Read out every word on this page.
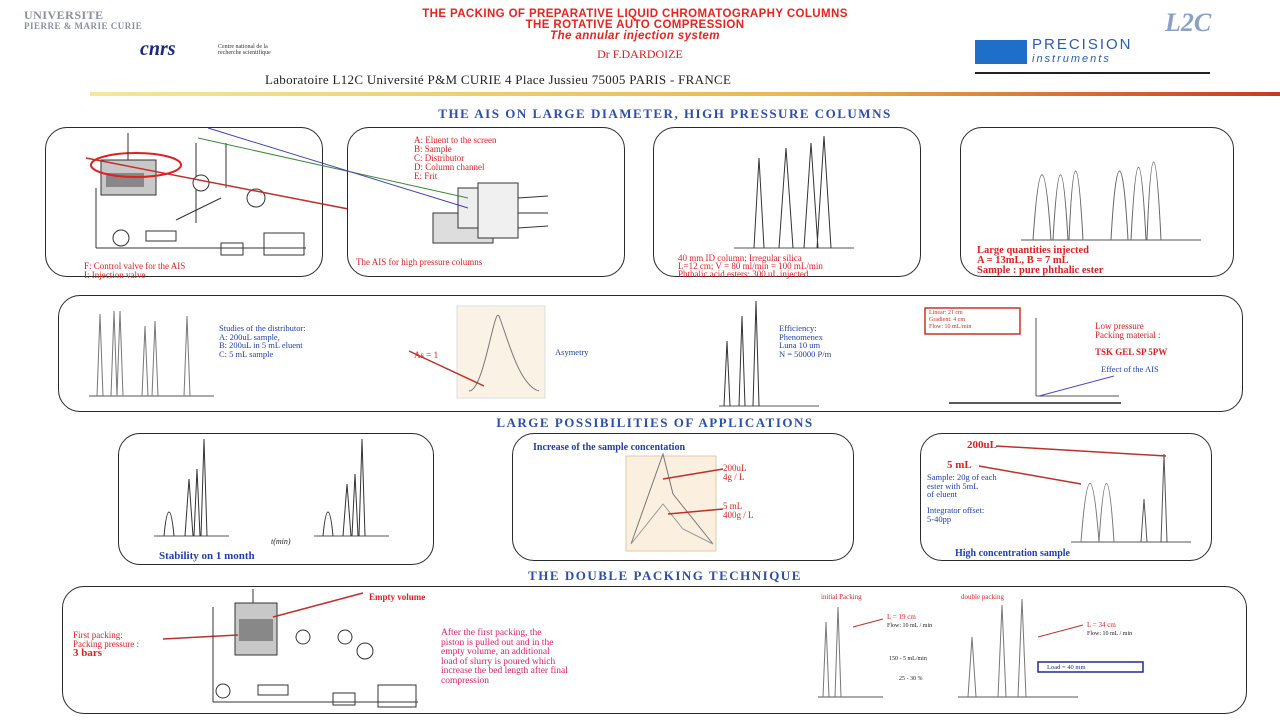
UNIVERSITE
PIERRE & MARIE CURIE
THE PACKING OF PREPARATIVE LIQUID CHROMATOGRAPHY COLUMNS
THE ROTATIVE AUTO COMPRESSION
The annular injection system
cnrs	Centre national de la recherche scientifique	Dr F.DARDOIZE
L2C
PRECISION
instruments
Laboratoire L12C Université P&M CURIE 4 Place Jussieu 75005 PARIS - FRANCE
THE AIS ON LARGE DIAMETER, HIGH PRESSURE COLUMNS
F: Control valve for the AIS
I: Injection valve
A: Eluent to the screen
B: Sample
C: Distributor
D: Column channel
E: Frit
The AIS for high pressure columns	40 mm ID column; Irregular silica
L=12 cm; V = 80 ml/min = 100 mL/min
Phthalic acid esters: 300 uL injected
Large quantities injected
A = 13mL, B = 7 mL
Sample : pure phthalic ester
Studies of the distributor:
A: 200uL sample,
B: 200uL in 5 mL eluent
C: 5 mL sample	As = 1	Asymetry
Efficiency:
Phenomenex
Luna 10 um
N = 50000 P/m
Linear: 21 cm
Gradient: 4 cm
Flow: 10 mL/min	Low pressure
Packing material :
TSK GEL SP 5PW
Effect of the AIS
LARGE POSSIBILITIES OF APPLICATIONS
t(min)
Stability on 1 month
Increase of the sample concentation
200uL
4g / L
5 mL
400g / L
200uL
5 mL
Sample: 20g of each
ester with 5mL
of eluent
Integrator offset:
5-40pp
High concentration sample
THE DOUBLE PACKING TECHNIQUE
First packing:
Packing pressure :
3 bars
Empty volume
After the first packing, the
piston is pulled out and in the
empty volume, an additional
load of slurry is poured which
increase the bed length after final
compression
initial Packing
L = 19 cm
Flow: 10 mL / min
150 - 5 mL/min
25 - 30 %
double packing
L = 34 cm
Flow: 10 mL / min
Load = 40 mm
